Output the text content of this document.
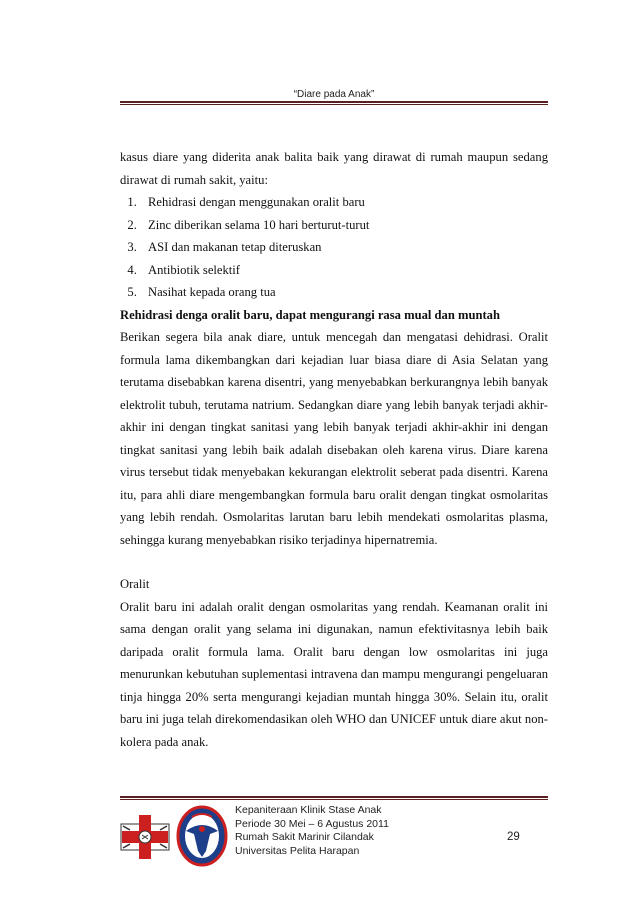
“Diare pada Anak”

kasus diare yang diderita anak balita baik yang dirawat di rumah maupun sedang dirawat di rumah sakit, yaitu:

1. Rehidrasi dengan menggunakan oralit baru
2. Zinc diberikan selama 10 hari berturut-turut
3. ASI dan makanan tetap diteruskan
4. Antibiotik selektif
5. Nasihat kepada orang tua

Rehidrasi denga oralit baru, dapat mengurangi rasa mual dan muntah

Berikan segera bila anak diare, untuk mencegah dan mengatasi dehidrasi. Oralit formula lama dikembangkan dari kejadian luar biasa diare di Asia Selatan yang terutama disebabkan karena disentri, yang menyebabkan berkurangnya lebih banyak elektrolit tubuh, terutama natrium. Sedangkan diare yang lebih banyak terjadi akhir-akhir ini dengan tingkat sanitasi yang lebih banyak terjadi akhir-akhir ini dengan tingkat sanitasi yang lebih baik adalah disebakan oleh karena virus. Diare karena virus tersebut tidak menyebakan kekurangan elektrolit seberat pada disentri. Karena itu, para ahli diare mengembangkan formula baru oralit dengan tingkat osmolaritas yang lebih rendah. Osmolaritas larutan baru lebih mendekati osmolaritas plasma, sehingga kurang menyebabkan risiko terjadinya hipernatremia.

Oralit

Oralit baru ini adalah oralit dengan osmolaritas yang rendah. Keamanan oralit ini sama dengan oralit yang selama ini digunakan, namun efektivitasnya lebih baik daripada oralit formula lama. Oralit baru dengan low osmolaritas ini juga menurunkan kebutuhan suplementasi intravena dan mampu mengurangi pengeluaran tinja hingga 20% serta mengurangi kejadian muntah hingga 30%. Selain itu, oralit baru ini juga telah direkomendasikan oleh WHO dan UNICEF untuk diare akut non-kolera pada anak.

Kepaniteraan Klinik Stase Anak
Periode 30 Mei – 6 Agustus 2011
Rumah Sakit Marinir Cilandak
Universitas Pelita Harapan
29
